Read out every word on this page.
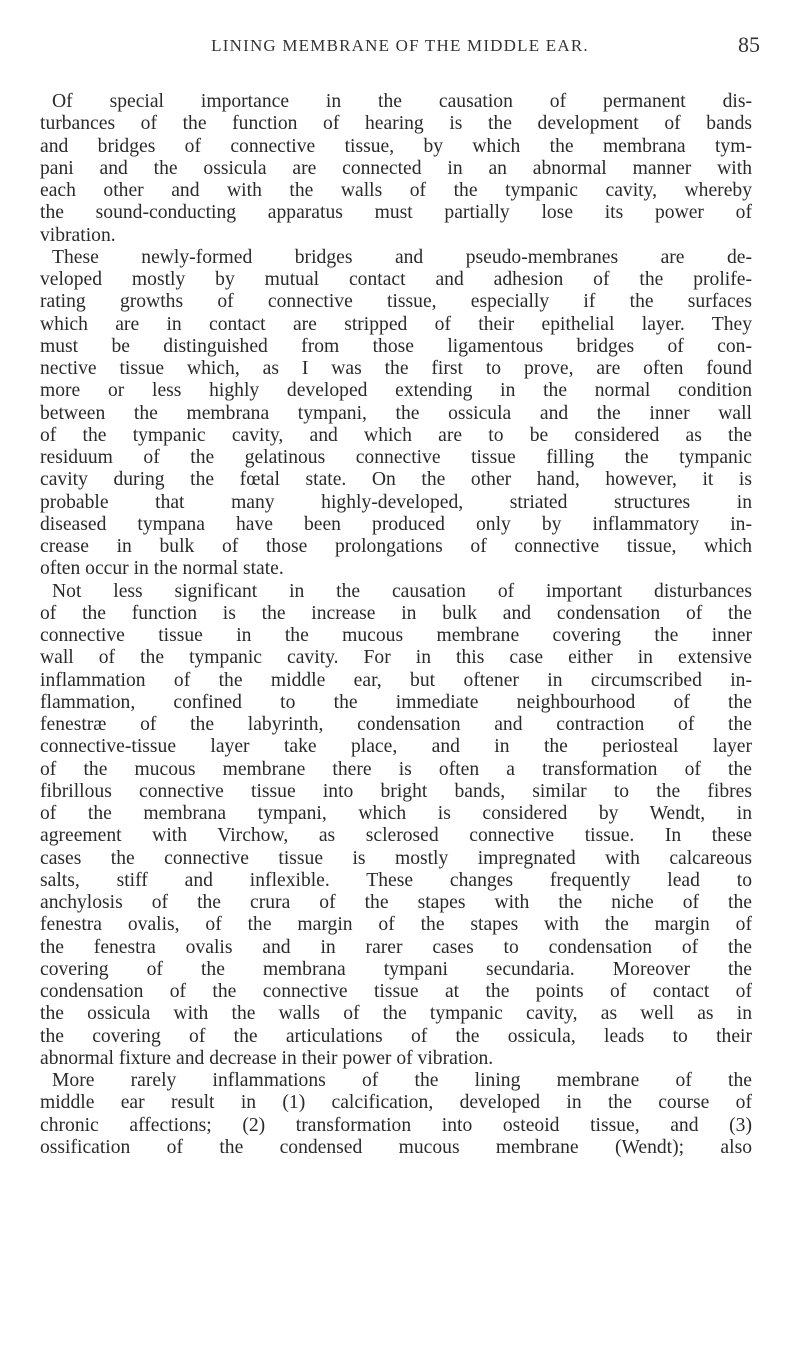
LINING MEMBRANE OF THE MIDDLE EAR.	85
Of special importance in the causation of permanent dis-
turbances of the function of hearing is the development of bands
and bridges of connective tissue, by which the membrana tym-
pani and the ossicula are connected in an abnormal manner with
each other and with the walls of the tympanic cavity, whereby
the sound-conducting apparatus must partially lose its power of
vibration.
These newly-formed bridges and pseudo-membranes are de-
veloped mostly by mutual contact and adhesion of the prolife-
rating growths of connective tissue, especially if the surfaces
which are in contact are stripped of their epithelial layer. They
must be distinguished from those ligamentous bridges of con-
nective tissue which, as I was the first to prove, are often found
more or less highly developed extending in the normal condition
between the membrana tympani, the ossicula and the inner wall
of the tympanic cavity, and which are to be considered as the
residuum of the gelatinous connective tissue filling the tympanic
cavity during the fœtal state. On the other hand, however, it is
probable that many highly-developed, striated structures in
diseased tympana have been produced only by inflammatory in-
crease in bulk of those prolongations of connective tissue, which
often occur in the normal state.
Not less significant in the causation of important disturbances
of the function is the increase in bulk and condensation of the
connective tissue in the mucous membrane covering the inner
wall of the tympanic cavity. For in this case either in extensive
inflammation of the middle ear, but oftener in circumscribed in-
flammation, confined to the immediate neighbourhood of the
fenestræ of the labyrinth, condensation and contraction of the
connective-tissue layer take place, and in the periosteal layer
of the mucous membrane there is often a transformation of the
fibrillous connective tissue into bright bands, similar to the fibres
of the membrana tympani, which is considered by Wendt, in
agreement with Virchow, as sclerosed connective tissue. In these
cases the connective tissue is mostly impregnated with calcareous
salts, stiff and inflexible. These changes frequently lead to
anchylosis of the crura of the stapes with the niche of the
fenestra ovalis, of the margin of the stapes with the margin of
the fenestra ovalis and in rarer cases to condensation of the
covering of the membrana tympani secundaria. Moreover the
condensation of the connective tissue at the points of contact of
the ossicula with the walls of the tympanic cavity, as well as in
the covering of the articulations of the ossicula, leads to their
abnormal fixture and decrease in their power of vibration.
More rarely inflammations of the lining membrane of the
middle ear result in (1) calcification, developed in the course of
chronic affections; (2) transformation into osteoid tissue, and (3)
ossification of the condensed mucous membrane (Wendt); also
